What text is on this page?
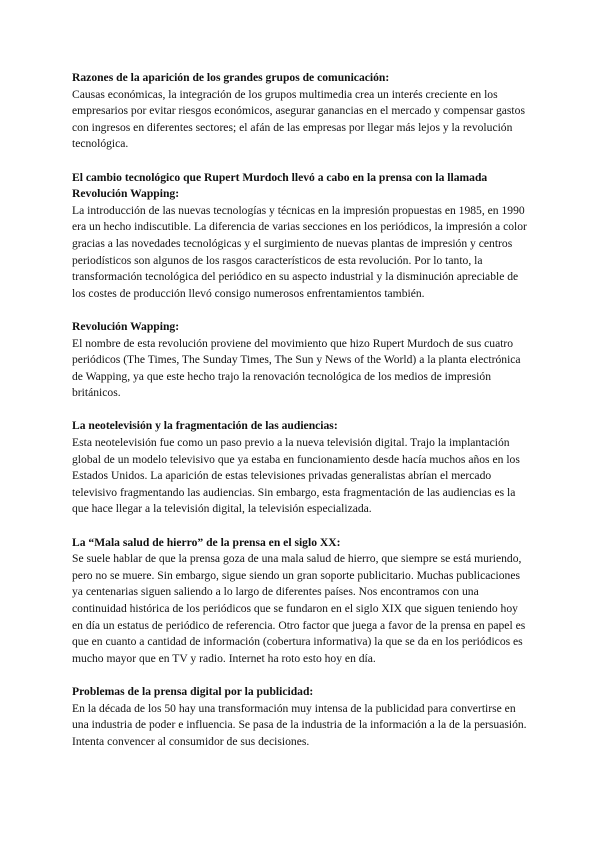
Razones de la aparición de los grandes grupos de comunicación:

Causas económicas, la integración de los grupos multimedia crea un interés creciente en los empresarios por evitar riesgos económicos, asegurar ganancias en el mercado y compensar gastos con ingresos en diferentes sectores; el afán de las empresas por llegar más lejos y la revolución tecnológica.

El cambio tecnológico que Rupert Murdoch llevó a cabo en la prensa con la llamada Revolución Wapping:

La introducción de las nuevas tecnologías y técnicas en la impresión propuestas en 1985, en 1990 era un hecho indiscutible. La diferencia de varias secciones en los periódicos, la impresión a color gracias a las novedades tecnológicas y el surgimiento de nuevas plantas de impresión y centros periodísticos son algunos de los rasgos característicos de esta revolución. Por lo tanto, la transformación tecnológica del periódico en su aspecto industrial y la disminución apreciable de los costes de producción llevó consigo numerosos enfrentamientos también.

Revolución Wapping:

El nombre de esta revolución proviene del movimiento que hizo Rupert Murdoch de sus cuatro periódicos (The Times, The Sunday Times, The Sun y News of the World) a la planta electrónica de Wapping, ya que este hecho trajo la renovación tecnológica de los medios de impresión británicos.

La neotelevisión y la fragmentación de las audiencias:

Esta neotelevisión fue como un paso previo a la nueva televisión digital. Trajo la implantación global de un modelo televisivo que ya estaba en funcionamiento desde hacía muchos años en los Estados Unidos. La aparición de estas televisiones privadas generalistas abrían el mercado televisivo fragmentando las audiencias. Sin embargo, esta fragmentación de las audiencias es la que hace llegar a la televisión digital, la televisión especializada.

La “Mala salud de hierro” de la prensa en el siglo XX:

Se suele hablar de que la prensa goza de una mala salud de hierro, que siempre se está muriendo, pero no se muere. Sin embargo, sigue siendo un gran soporte publicitario. Muchas publicaciones ya centenarias siguen saliendo a lo largo de diferentes países. Nos encontramos con una continuidad histórica de los periódicos que se fundaron en el siglo XIX que siguen teniendo hoy en día un estatus de periódico de referencia. Otro factor que juega a favor de la prensa en papel es que en cuanto a cantidad de información (cobertura informativa) la que se da en los periódicos es mucho mayor que en TV y radio. Internet ha roto esto hoy en día.

Problemas de la prensa digital por la publicidad:

En la década de los 50 hay una transformación muy intensa de la publicidad para convertirse en una industria de poder e influencia. Se pasa de la industria de la información a la de la persuasión. Intenta convencer al consumidor de sus decisiones.
